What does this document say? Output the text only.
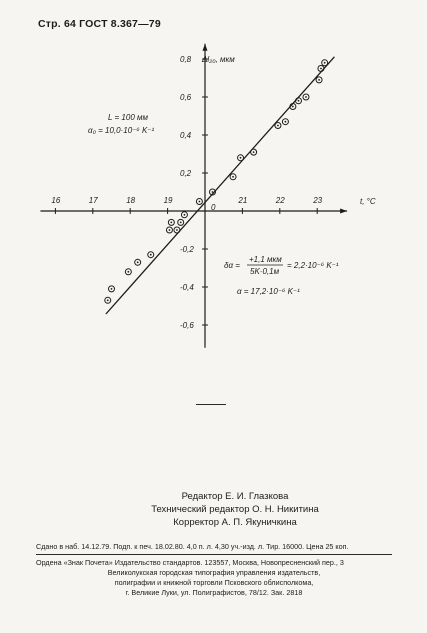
Стр. 64 ГОСТ 8.367—79
16	17	18	19	21	22	23
-0,6
-0,4
-0,2
0,2
0,4
0,6
0,8 Δl₂₀, мкм
t, °C
0
L = 100 мм
α₀ = 10,0·10⁻⁶ K⁻¹
δα =
+1,1 мкм
5K·0,1м
= 2,2·10⁻⁶ K⁻¹
α = 17,2·10⁻⁶ K⁻¹
Редактор Е. И. Глазкова
Технический редактор О. Н. Никитина
Корректор А. П. Якуничкина
Сдано в наб. 14.12.79. Подп. к печ. 18.02.80. 4,0 п. л. 4,30 уч.-изд. л. Тир. 16000. Цена 25 коп.
Ордена «Знак Почета» Издательство стандартов. 123557, Москва, Новопресненский пер., 3
Великолукская городская типография управления издательств,
полиграфии и книжной торговли Псковского облисполкома,
г. Великие Луки, ул. Полиграфистов, 78/12. Зак. 2818
